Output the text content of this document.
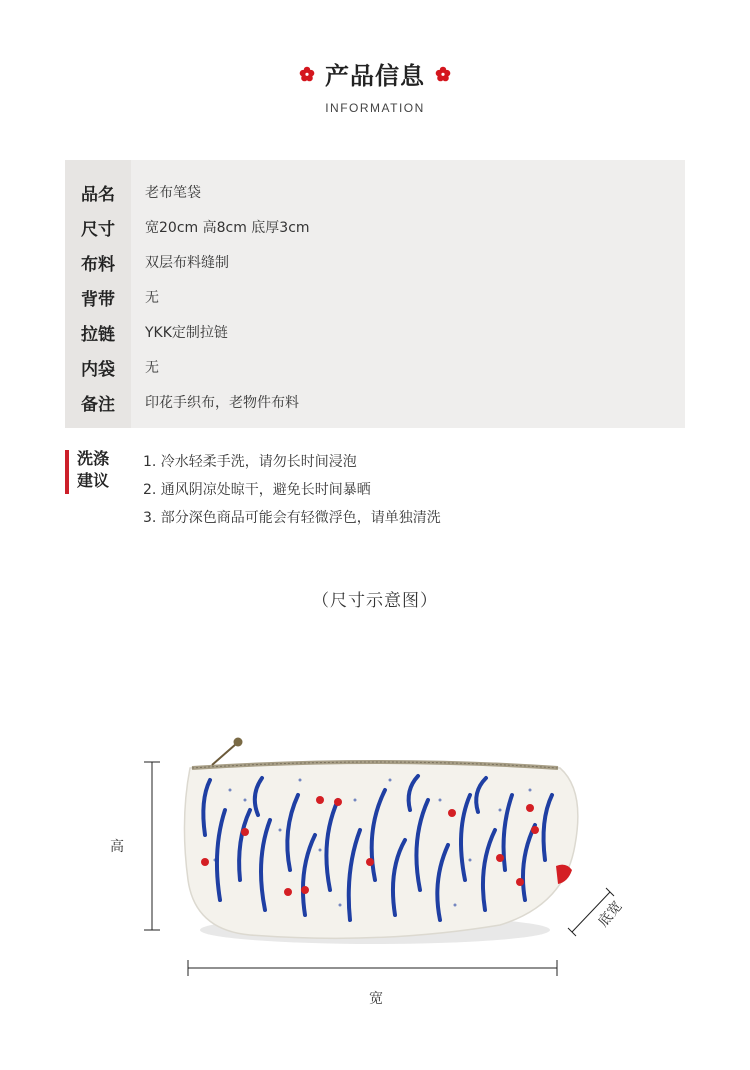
产品信息
INFORMATION
品名	老布笔袋
尺寸	宽20cm 高8cm 底厚3cm
布料	双层布料缝制
背带	无
拉链	YKK定制拉链
内袋	无
备注	印花手织布，老物件布料
洗涤
建议
1. 冷水轻柔手洗，请勿长时间浸泡
2. 通风阴凉处晾干，避免长时间暴晒
3. 部分深色商品可能会有轻微浮色，请单独清洗
（尺寸示意图）
高
宽
底宽
